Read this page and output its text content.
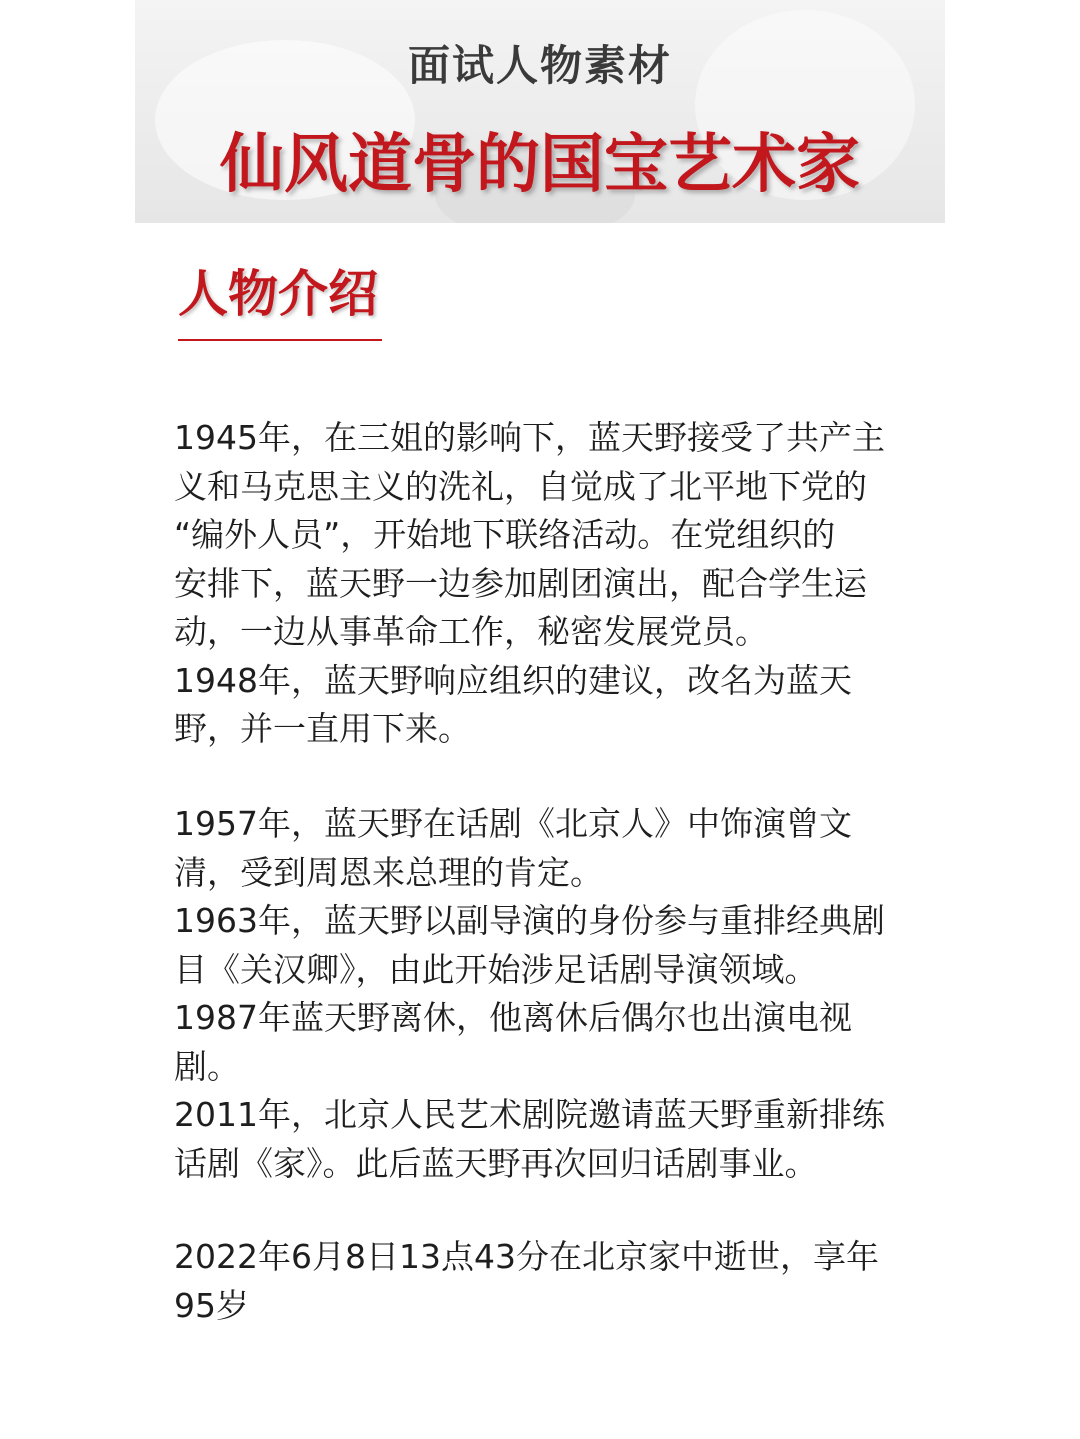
面试人物素材
仙风道骨的国宝艺术家
人物介绍

1945年，在三姐的影响下，蓝天野接受了共产主
义和马克思主义的洗礼，自觉成了北平地下党的
“编外人员”，开始地下联络活动。在党组织的
安排下，蓝天野一边参加剧团演出，配合学生运
动，一边从事革命工作，秘密发展党员。
1948年，蓝天野响应组织的建议，改名为蓝天
野，并一直用下来。

1957年，蓝天野在话剧《北京人》中饰演曾文
清，受到周恩来总理的肯定。
1963年，蓝天野以副导演的身份参与重排经典剧
目《关汉卿》，由此开始涉足话剧导演领域。
1987年蓝天野离休，他离休后偶尔也出演电视
剧。
2011年，北京人民艺术剧院邀请蓝天野重新排练
话剧《家》。此后蓝天野再次回归话剧事业。

2022年6月8日13点43分在北京家中逝世，享年
95岁
